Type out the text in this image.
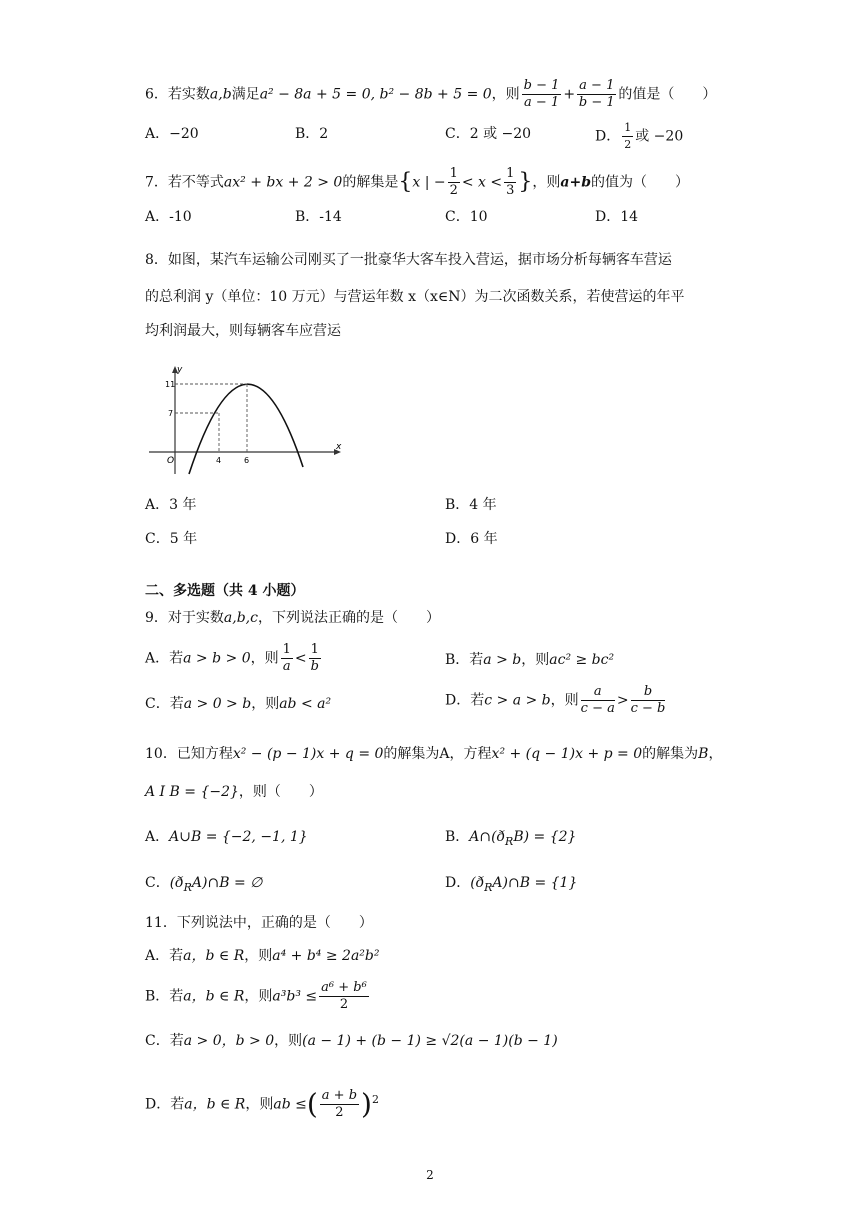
6．若实数a,b满足a² − 8a + 5 = 0, b² − 8b + 5 = 0，则 $\frac{b - 1}{a - 1} + \frac{a - 1}{b - 1}$ 的值是（　　）
A．−20	B．2	C．2 或 −20	D． $\frac{1}{2}$ 或 −20
7．若不等式ax² + bx + 2 > 0的解集是{x | − $\frac{1}{2} < x < \frac{1}{3}$ }，则a+b的值为（　　）
A．-10	B．-14	C．10	D．14
8．如图，某汽车运输公司刚买了一批豪华大客车投入营运，据市场分析每辆客车营运
的总利润 y（单位：10 万元）与营运年数 x（x∈N）为二次函数关系，若使营运的年平
均利润最大，则每辆客车应营运
y
x
O
11
7
4	6
A．3 年	B．4 年
C．5 年	D．6 年
二、多选题（共 4 小题）
9．对于实数a,b,c，下列说法正确的是（　　）
A．若a > b > 0，则 $\frac{1}{a} < \frac{1}{b}$	B．若a > b，则ac² ≥ bc²
C．若a > 0 > b，则ab < a²	D．若c > a > b，则 $\frac{a}{c - a} > \frac{b}{c - b}$
10．已知方程x² − (p − 1)x + q = 0的解集为A，方程x² + (q − 1)x + p = 0的解集为B，
A I B = {−2}，则（　　）
A．A∪B = {−2, −1, 1}	B．$A\cap(ð_RB) = \{2\}$
C．$(ð_RA)\cap B$ = ∅	D．$(ð_RA)\cap B = \{1\}$
11．下列说法中，正确的是（　　）
A．若a，b ∈ R，则a⁴ + b⁴ ≥ 2a²b²
B．若a，b ∈ R，则$a^3b^3 \le \frac{\text{a⁶ + b⁶}}{2}$
C．若a > 0，b > 0，则(a − 1) + (b − 1) ≥ √2(a − 1)(b − 1)
D．若a，b ∈ R，则ab ≤( $\frac{a + b}{2} )^2$
2
